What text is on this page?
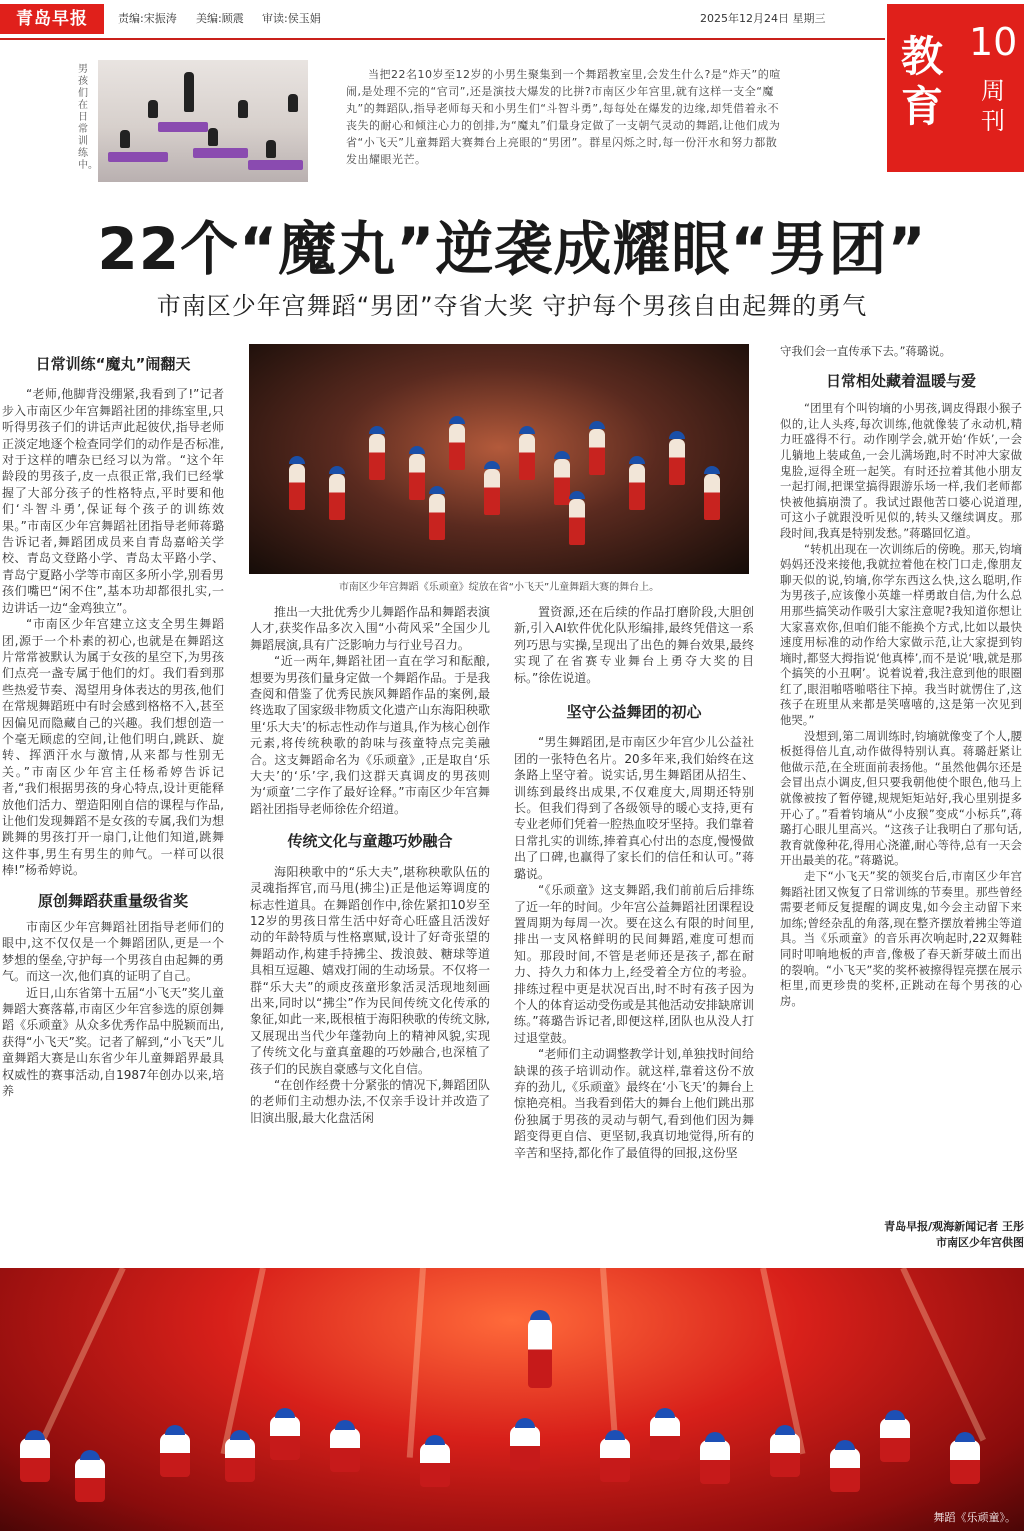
青岛早报	责编:宋振涛 美编:顾震 审读:侯玉娟	2025年12月24日 星期三
教育
10
周刊
男孩们在日常训练中。
当把22名10岁至12岁的小男生聚集到一个舞蹈教室里,会发生什么?是“炸天”的喧闹,是处理不完的“官司”,还是演技大爆发的比拼?市南区少年宫里,就有这样一支全“魔丸”的舞蹈队,指导老师每天和小男生们“斗智斗勇”,每每处在爆发的边缘,却凭借着永不丧失的耐心和倾注心力的创排,为“魔丸”们量身定做了一支朝气灵动的舞蹈,让他们成为省“小飞天”儿童舞蹈大赛舞台上亮眼的“男团”。群星闪烁之时,每一份汗水和努力都散发出耀眼光芒。
22个“魔丸”逆袭成耀眼“男团”
市南区少年宫舞蹈“男团”夺省大奖 守护每个男孩自由起舞的勇气
日常训练“魔丸”闹翻天

“老师,他脚背没绷紧,我看到了!”记者步入市南区少年宫舞蹈社团的排练室里,只听得男孩子们的讲话声此起彼伏,指导老师正淡定地逐个检查同学们的动作是否标准,对于这样的嘈杂已经习以为常。“这个年龄段的男孩子,皮一点很正常,我们已经掌握了大部分孩子的性格特点,平时要和他们‘斗智斗勇’,保证每个孩子的训练效果。”市南区少年宫舞蹈社团指导老师蒋璐告诉记者,舞蹈团成员来自青岛嘉峪关学校、青岛文登路小学、青岛太平路小学、青岛宁夏路小学等市南区多所小学,别看男孩们嘴巴“闲不住”,基本功却都很扎实,一边讲话一边“金鸡独立”。

“市南区少年宫建立这支全男生舞蹈团,源于一个朴素的初心,也就是在舞蹈这片常常被默认为属于女孩的星空下,为男孩们点亮一盏专属于他们的灯。我们看到那些热爱节奏、渴望用身体表达的男孩,他们在常规舞蹈班中有时会感到格格不入,甚至因偏见而隐藏自己的兴趣。我们想创造一个毫无顾虑的空间,让他们明白,跳跃、旋转、挥洒汗水与激情,从来都与性别无关。”市南区少年宫主任杨希婷告诉记者,“我们根据男孩的身心特点,设计更能释放他们活力、塑造阳刚自信的课程与作品,让他们发现舞蹈不是女孩的专属,我们为想跳舞的男孩打开一扇门,让他们知道,跳舞这件事,男生有男生的帅气。一样可以很棒!”杨希婷说。

原创舞蹈获重量级省奖

市南区少年宫舞蹈社团指导老师们的眼中,这不仅仅是一个舞蹈团队,更是一个梦想的堡垒,守护每一个男孩自由起舞的勇气。而这一次,他们真的证明了自己。

近日,山东省第十五届“小飞天”奖儿童舞蹈大赛落幕,市南区少年宫参选的原创舞蹈《乐顽童》从众多优秀作品中脱颖而出,获得“小飞天”奖。记者了解到,“小飞天”儿童舞蹈大赛是山东省少年儿童舞蹈界最具权威性的赛事活动,自1987年创办以来,培养

市南区少年宫舞蹈《乐顽童》绽放在省“小飞天”儿童舞蹈大赛的舞台上。

推出一大批优秀少儿舞蹈作品和舞蹈表演人才,获奖作品多次入围“小荷风采”全国少儿舞蹈展演,具有广泛影响力与行业号召力。

“近一两年,舞蹈社团一直在学习和酝酿,想要为男孩们量身定做一个舞蹈作品。于是我查阅和借鉴了优秀民族风舞蹈作品的案例,最终选取了国家级非物质文化遗产山东海阳秧歌里‘乐大夫’的标志性动作与道具,作为核心创作元素,将传统秧歌的韵味与孩童特点完美融合。这支舞蹈命名为《乐顽童》,正是取自‘乐大夫’的‘乐’字,我们这群天真调皮的男孩则为‘顽童’二字作了最好诠释。”市南区少年宫舞蹈社团指导老师徐佐介绍道。

传统文化与童趣巧妙融合

海阳秧歌中的“乐大夫”,堪称秧歌队伍的灵魂指挥官,而马甩(拂尘)正是他运筹调度的标志性道具。在舞蹈创作中,徐佐紧扣10岁至12岁的男孩日常生活中好奇心旺盛且活泼好动的年龄特质与性格禀赋,设计了好奇张望的舞蹈动作,构建手持拂尘、拨浪鼓、糖球等道具相互逗趣、嬉戏打闹的生动场景。不仅将一群“乐大夫”的顽皮孩童形象活灵活现地刻画出来,同时以“拂尘”作为民间传统文化传承的象征,如此一来,既根植于海阳秧歌的传统文脉,又展现出当代少年蓬勃向上的精神风貌,实现了传统文化与童真童趣的巧妙融合,也深植了孩子们的民族自豪感与文化自信。

“在创作经费十分紧张的情况下,舞蹈团队的老师们主动想办法,不仅亲手设计并改造了旧演出服,最大化盘活闲

置资源,还在后续的作品打磨阶段,大胆创新,引入AI软件优化队形编排,最终凭借这一系列巧思与实操,呈现出了出色的舞台效果,最终实现了在省赛专业舞台上勇夺大奖的目标。”徐佐说道。

坚守公益舞团的初心

“男生舞蹈团,是市南区少年宫少儿公益社团的一张特色名片。20多年来,我们始终在这条路上坚守着。说实话,男生舞蹈团从招生、训练到最终出成果,不仅难度大,周期还特别长。但我们得到了各级领导的暖心支持,更有专业老师们凭着一腔热血咬牙坚持。我们靠着日常扎实的训练,捧着真心付出的态度,慢慢做出了口碑,也赢得了家长们的信任和认可。”蒋璐说。

“《乐顽童》这支舞蹈,我们前前后后排练了近一年的时间。少年宫公益舞蹈社团课程设置周期为每周一次。要在这么有限的时间里,排出一支风格鲜明的民间舞蹈,难度可想而知。那段时间,不管是老师还是孩子,都在耐力、持久力和体力上,经受着全方位的考验。排练过程中更是状况百出,时不时有孩子因为个人的体育运动受伤或是其他活动安排缺席训练。”蒋璐告诉记者,即便这样,团队也从没人打过退堂鼓。

“老师们主动调整教学计划,单独找时间给缺课的孩子培训动作。就这样,靠着这份不放弃的劲儿,《乐顽童》最终在‘小飞天’的舞台上惊艳亮相。当我看到偌大的舞台上他们跳出那份独属于男孩的灵动与朝气,看到他们因为舞蹈变得更自信、更坚韧,我真切地觉得,所有的辛苦和坚持,都化作了最值得的回报,这份坚

守我们会一直传承下去。”蒋璐说。

日常相处藏着温暖与爱

“团里有个叫钧墒的小男孩,调皮得跟小猴子似的,让人头疼,每次训练,他就像装了永动机,精力旺盛得不行。动作刚学会,就开始‘作妖’,一会儿躺地上装咸鱼,一会儿满场跑,时不时冲大家做鬼脸,逗得全班一起笑。有时还拉着其他小朋友一起打闹,把课堂搞得跟游乐场一样,我们老师都快被他搞崩溃了。我试过跟他苦口婆心说道理,可这小子就跟没听见似的,转头又继续调皮。那段时间,我真是特别发愁。”蒋璐回忆道。

“转机出现在一次训练后的傍晚。那天,钧墒妈妈还没来接他,我就拉着他在校门口走,像朋友聊天似的说,钧墒,你学东西这么快,这么聪明,作为男孩子,应该像小英雄一样勇敢自信,为什么总用那些搞笑动作吸引大家注意呢?我知道你想让大家喜欢你,但咱们能不能换个方式,比如以最快速度用标准的动作给大家做示范,让大家提到钧墒时,都竖大拇指说‘他真棒’,而不是说‘哦,就是那个搞笑的小丑啊’。说着说着,我注意到他的眼圈红了,眼泪啪嗒啪嗒往下掉。我当时就愣住了,这孩子在班里从来都是笑嘻嘻的,这是第一次见到他哭。”

没想到,第二周训练时,钧墒就像变了个人,腰板挺得倍儿直,动作做得特别认真。蒋璐赶紧让他做示范,在全班面前表扬他。“虽然他偶尔还是会冒出点小调皮,但只要我朝他使个眼色,他马上就像被按了暂停键,规规矩矩站好,我心里别提多开心了。”看着钧墒从“小皮猴”变成“小标兵”,蒋璐打心眼儿里高兴。“这孩子让我明白了那句话,教育就像种花,得用心浇灌,耐心等待,总有一天会开出最美的花。”蒋璐说。

走下“小飞天”奖的领奖台后,市南区少年宫舞蹈社团又恢复了日常训练的节奏里。那些曾经需要老师反复提醒的调皮鬼,如今会主动留下来加练;曾经杂乱的角落,现在整齐摆放着拂尘等道具。当《乐顽童》的音乐再次响起时,22双舞鞋同时叩响地板的声音,像极了春天新芽破土而出的裂响。“小飞天”奖的奖杯被擦得锃亮摆在展示柜里,而更珍贵的奖杯,正跳动在每个男孩的心房。

青岛早报/观海新闻记者 王彤
市南区少年宫供图
舞蹈《乐顽童》。
